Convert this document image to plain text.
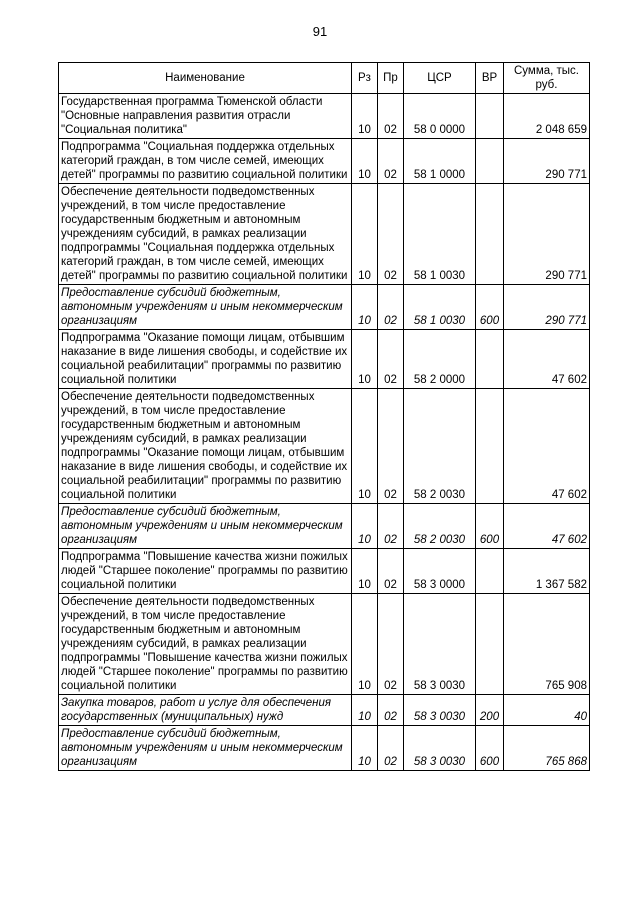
91
Наименование	Рз	Пр	ЦСР	ВР	Сумма, тыс. руб.
Государственная программа Тюменской области "Основные направления развития отрасли "Социальная политика"	10	02	58 0 0000		2 048 659
Подпрограмма "Социальная поддержка отдельных категорий граждан, в том числе семей, имеющих детей" программы по развитию социальной политики	10	02	58 1 0000		290 771
Обеспечение деятельности подведомственных учреждений, в том числе предоставление государственным бюджетным и автономным учреждениям субсидий, в рамках реализации подпрограммы "Социальная поддержка отдельных категорий граждан, в том числе семей, имеющих детей" программы по развитию социальной политики	10	02	58 1 0030		290 771
Предоставление субсидий бюджетным, автономным учреждениям и иным некоммерческим организациям	10	02	58 1 0030	600	290 771
Подпрограмма "Оказание помощи лицам, отбывшим наказание в виде лишения свободы, и содействие их социальной реабилитации" программы по развитию социальной политики	10	02	58 2 0000		47 602
Обеспечение деятельности подведомственных учреждений, в том числе предоставление государственным бюджетным и автономным учреждениям субсидий, в рамках реализации подпрограммы "Оказание помощи лицам, отбывшим наказание в виде лишения свободы, и содействие их социальной реабилитации" программы по развитию социальной политики	10	02	58 2 0030		47 602
Предоставление субсидий бюджетным, автономным учреждениям и иным некоммерческим организациям	10	02	58 2 0030	600	47 602
Подпрограмма "Повышение качества жизни пожилых людей "Старшее поколение" программы по развитию социальной политики	10	02	58 3 0000		1 367 582
Обеспечение деятельности подведомственных учреждений, в том числе предоставление государственным бюджетным и автономным учреждениям субсидий, в рамках реализации подпрограммы "Повышение качества жизни пожилых людей "Старшее поколение" программы по развитию социальной политики	10	02	58 3 0030		765 908
Закупка товаров, работ и услуг для обеспечения государственных (муниципальных) нужд	10	02	58 3 0030	200	40
Предоставление субсидий бюджетным, автономным учреждениям и иным некоммерческим организациям	10	02	58 3 0030	600	765 868
